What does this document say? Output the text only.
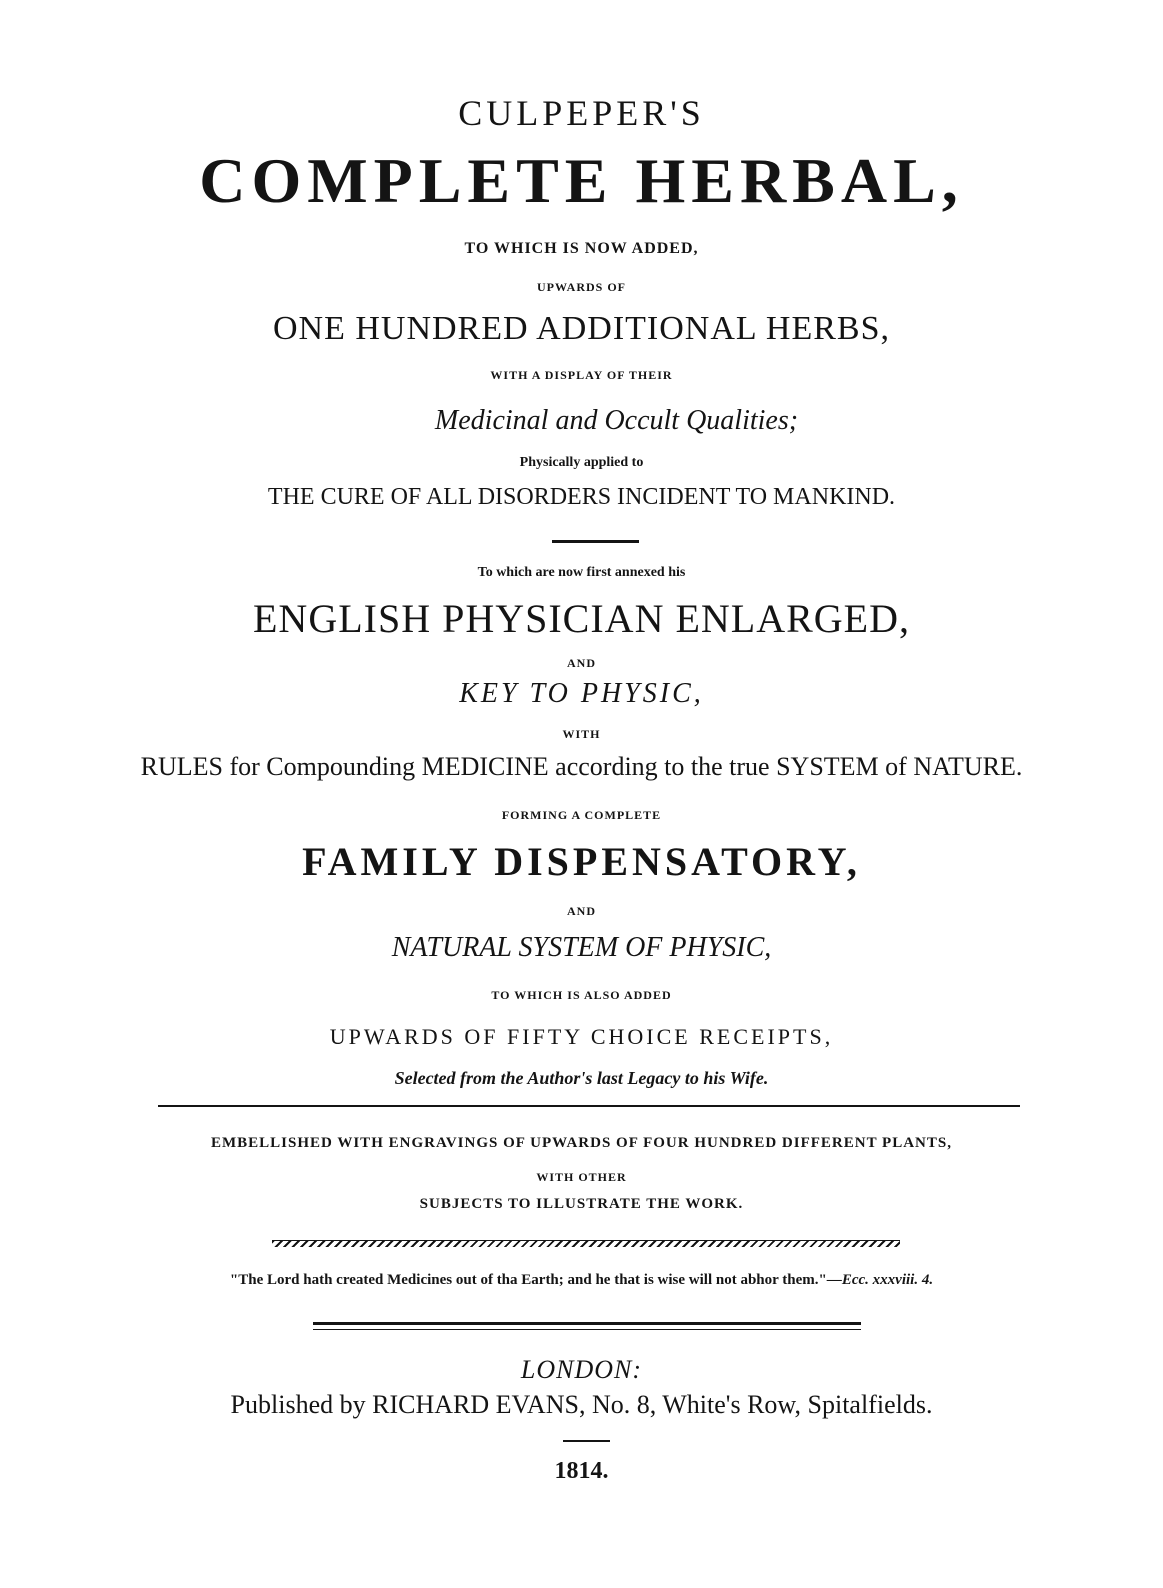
CULPEPER'S
COMPLETE HERBAL,
TO WHICH IS NOW ADDED,
UPWARDS OF
ONE HUNDRED ADDITIONAL HERBS,
WITH A DISPLAY OF THEIR
Medicinal and Occult Qualities;
Physically applied to
THE CURE OF ALL DISORDERS INCIDENT TO MANKIND.
To which are now first annexed his
ENGLISH PHYSICIAN ENLARGED,
AND
KEY TO PHYSIC,
WITH
RULES for Compounding MEDICINE according to the true SYSTEM of NATURE.
FORMING A COMPLETE
FAMILY DISPENSATORY,
AND
NATURAL SYSTEM OF PHYSIC,
TO WHICH IS ALSO ADDED
UPWARDS OF FIFTY CHOICE RECEIPTS,
Selected from the Author's last Legacy to his Wife.
EMBELLISHED WITH ENGRAVINGS OF UPWARDS OF FOUR HUNDRED DIFFERENT PLANTS,
WITH OTHER
SUBJECTS TO ILLUSTRATE THE WORK.
"The Lord hath created Medicines out of tha Earth; and he that is wise will not abhor them."—Ecc. xxxviii. 4.
LONDON:
Published by RICHARD EVANS, No. 8, White's Row, Spitalfields.
1814.
